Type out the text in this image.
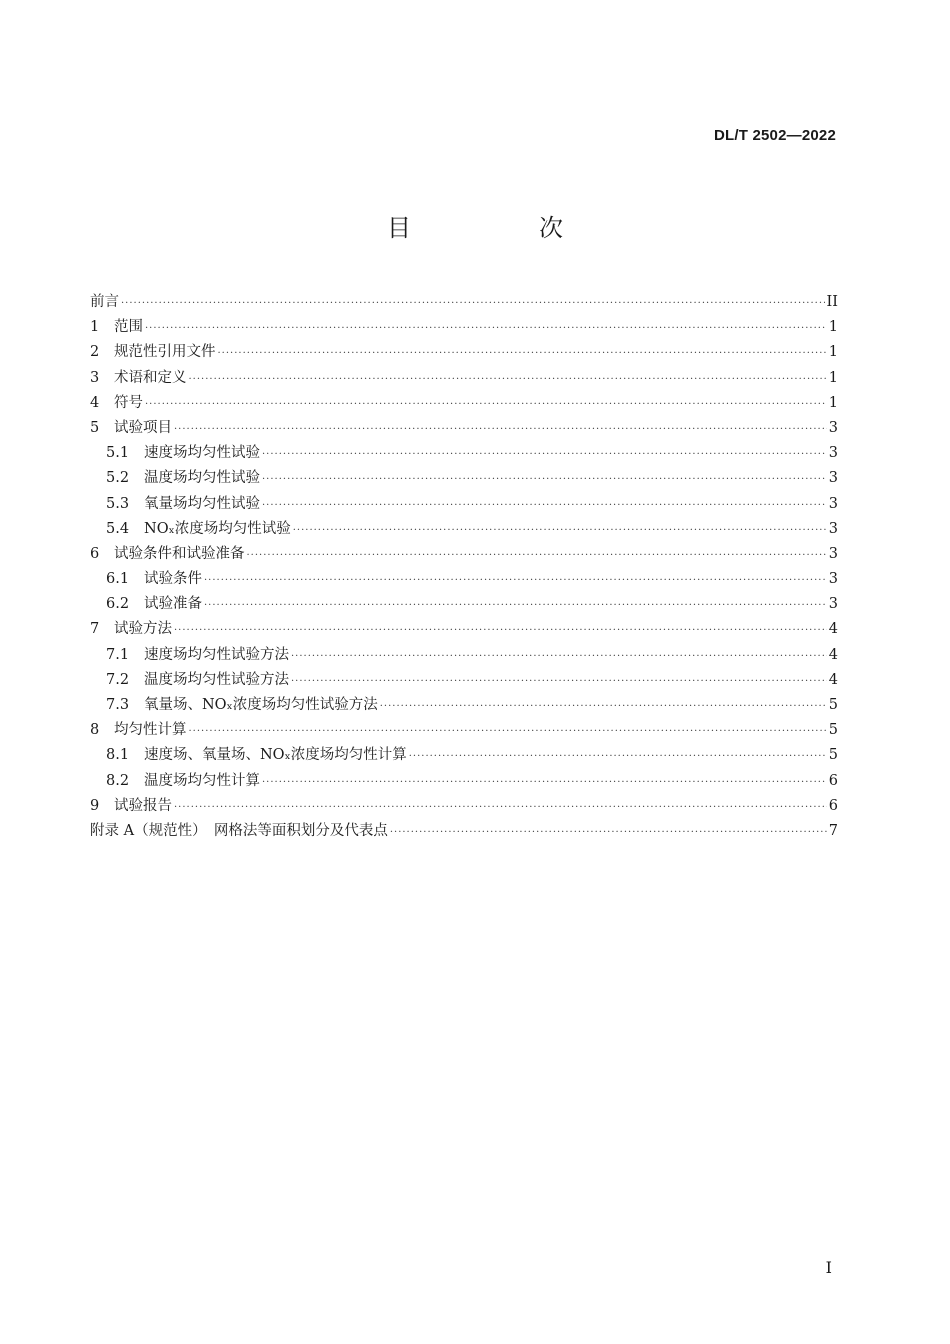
DL/T 2502—2022
目　次
前言 ·····	II
1	范围 ·····	1
2	规范性引用文件 ·····	1
3	术语和定义 ·····	1
4	符号 ·····	1
5	试验项目 ·····	3
5.1	速度场均匀性试验 ·····	3
5.2	温度场均匀性试验 ·····	3
5.3	氧量场均匀性试验 ·····	3
5.4	NOₓ浓度场均匀性试验 ·····	3
6	试验条件和试验准备 ·····	3
6.1	试验条件 ·····	3
6.2	试验准备 ·····	3
7	试验方法 ·····	4
7.1	速度场均匀性试验方法 ·····	4
7.2	温度场均匀性试验方法 ·····	4
7.3	氧量场、NOₓ浓度场均匀性试验方法 ·····	5
8	均匀性计算 ·····	5
8.1	速度场、氧量场、NOₓ浓度场均匀性计算 ·····	5
8.2	温度场均匀性计算 ·····	6
9	试验报告 ·····	6
附录 A（规范性）　网格法等面积划分及代表点 ·····	7
I
